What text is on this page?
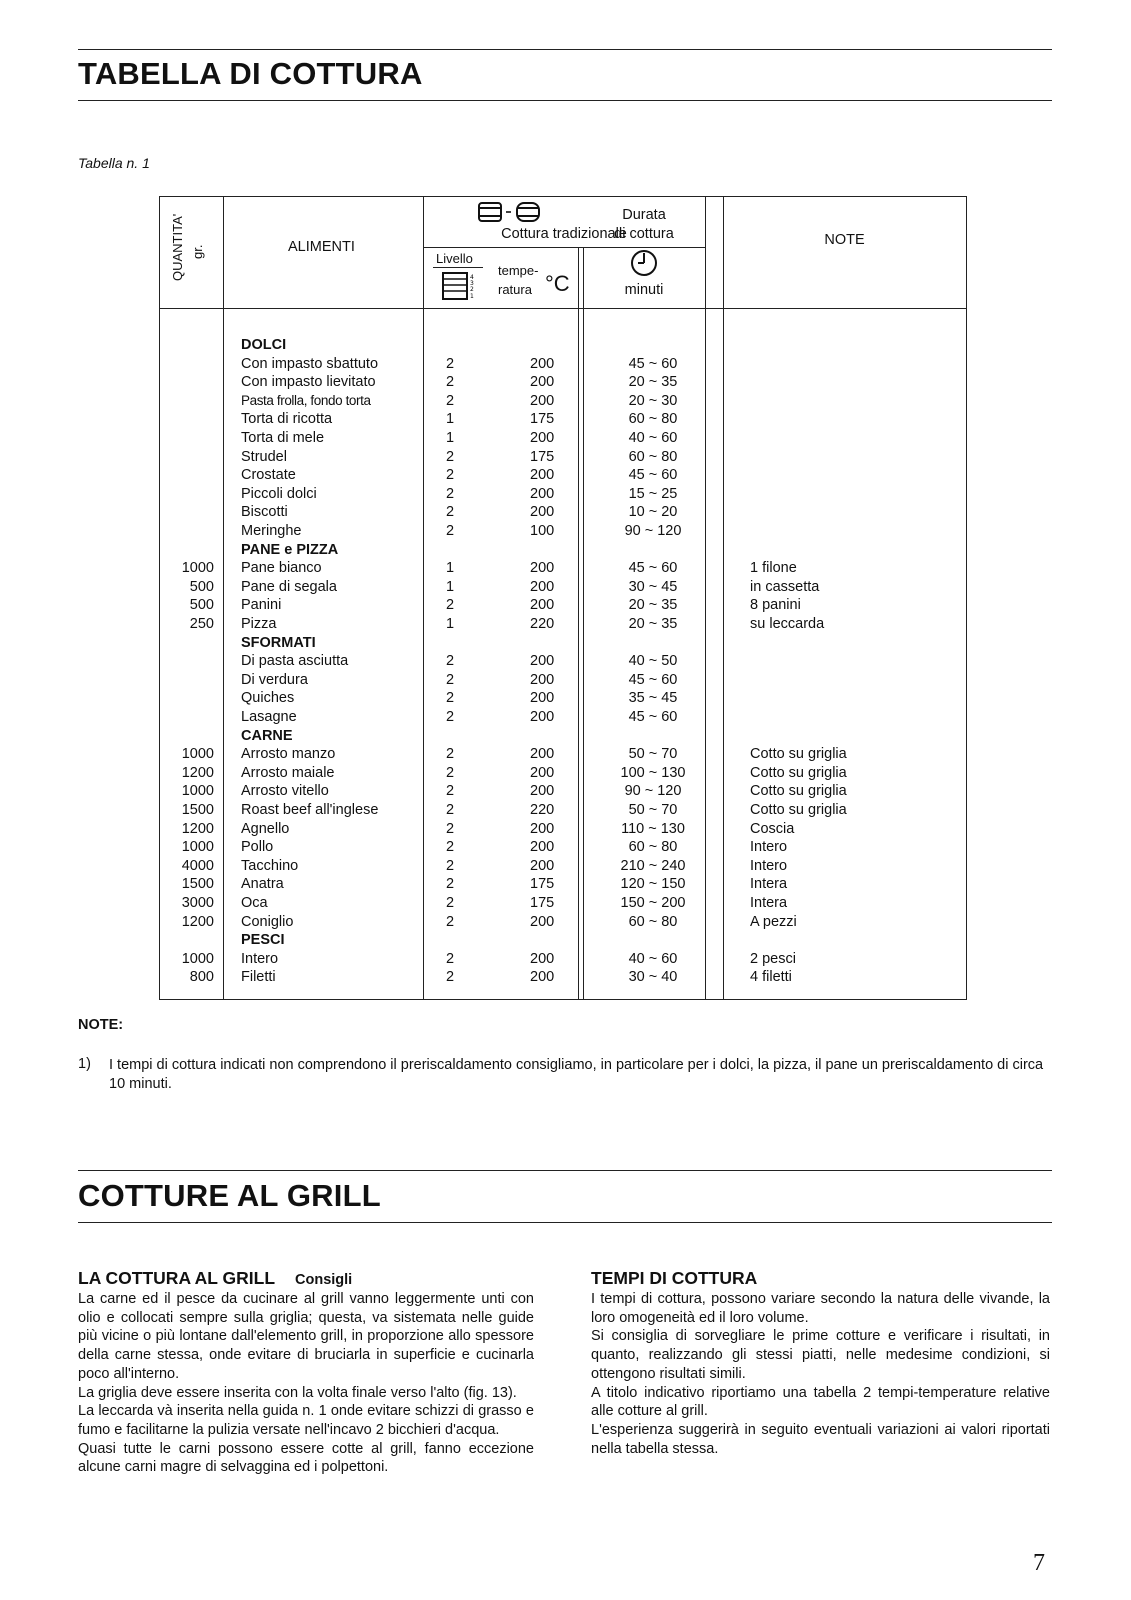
TABELLA DI COTTURA
Tabella n. 1
QUANTITA' gr.	ALIMENTI
Cottura tradizionale
Livello
4
3
2
1
tempe-
ratura °C
Durata
di cottura
minuti
NOTE
DOLCI
Con impasto sbattuto	2	200	45 ~ 60
Con impasto lievitato	2	200	20 ~ 35
Pasta frolla, fondo torta	2	200	20 ~ 30
Torta di ricotta	1	175	60 ~ 80
Torta di mele	1	200	40 ~ 60
Strudel	2	175	60 ~ 80
Crostate	2	200	45 ~ 60
Piccoli dolci	2	200	15 ~ 25
Biscotti	2	200	10 ~ 20
Meringhe	2	100	90 ~ 120
PANE e PIZZA
1000 Pane bianco	1	200	45 ~ 60	1 filone
500 Pane di segala	1	200	30 ~ 45	in cassetta
500 Panini	2	200	20 ~ 35	8 panini
250 Pizza	1	220	20 ~ 35	su leccarda
SFORMATI
Di pasta asciutta	2	200	40 ~ 50
Di verdura	2	200	45 ~ 60
Quiches	2	200	35 ~ 45
Lasagne	2	200	45 ~ 60
CARNE
1000 Arrosto manzo	2	200	50 ~ 70	Cotto su griglia
1200 Arrosto maiale	2	200	100 ~ 130	Cotto su griglia
1000 Arrosto vitello	2	200	90 ~ 120	Cotto su griglia
1500 Roast beef all'inglese	2	220	50 ~ 70	Cotto su griglia
1200 Agnello	2	200	110 ~ 130	Coscia
1000 Pollo	2	200	60 ~ 80	Intero
4000 Tacchino	2	200	210 ~ 240	Intero
1500 Anatra	2	175	120 ~ 150	Intera
3000 Oca	2	175	150 ~ 200	Intera
1200 Coniglio	2	200	60 ~ 80	A pezzi
PESCI
1000 Intero	2	200	40 ~ 60	2 pesci
800 Filetti	2	200	30 ~ 40	4 filetti
NOTE:
1) I tempi di cottura indicati non comprendono il preriscaldamento consigliamo, in particolare per i dolci, la pizza, il pane un preriscaldamento di circa 10 minuti.
COTTURE AL GRILL
LA COTTURA AL GRILL Consigli

La carne ed il pesce da cucinare al grill vanno leggermente unti con olio e collocati sempre sulla griglia; questa, va sistemata nelle guide più vicine o più lontane dall'elemento grill, in proporzione allo spessore della carne stessa, onde evitare di bruciarla in superficie e cucinarla poco all'interno.

La griglia deve essere inserita con la volta finale verso l'alto (fig. 13).

La leccarda và inserita nella guida n. 1 onde evitare schizzi di grasso e fumo e facilitarne la pulizia versate nell'incavo 2 bicchieri d'acqua.

Quasi tutte le carni possono essere cotte al grill, fanno eccezione alcune carni magre di selvaggina ed i polpettoni.

TEMPI DI COTTURA

I tempi di cottura, possono variare secondo la natura delle vivande, la loro omogeneità ed il loro volume.

Si consiglia di sorvegliare le prime cotture e verificare i risultati, in quanto, realizzando gli stessi piatti, nelle medesime condizioni, si ottengono risultati simili.

A titolo indicativo riportiamo una tabella 2 tempi-temperature relative alle cotture al grill.

L'esperienza suggerirà in seguito eventuali variazioni ai valori riportati nella tabella stessa.

7
